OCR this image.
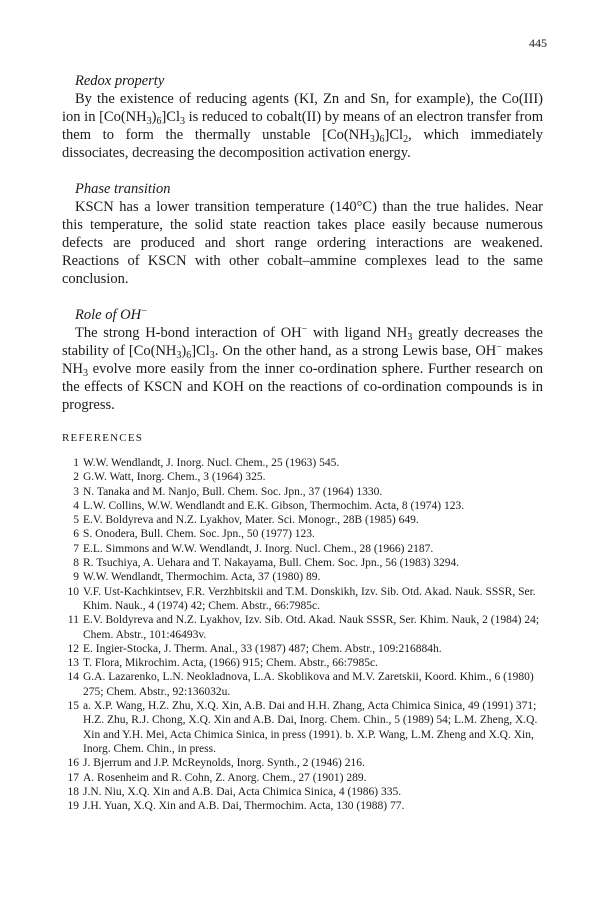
445
Redox property

By the existence of reducing agents (KI, Zn and Sn, for example), the Co(III) ion in $[Co(NH_3)_6]Cl_3$ is reduced to cobalt(II) by means of an electron transfer from them to form the thermally unstable $[Co(NH_3)_6]Cl_2$, which immediately dissociates, decreasing the decomposition activation energy.

Phase transition

KSCN has a lower transition temperature (140°C) than the true halides. Near this temperature, the solid state reaction takes place easily because numerous defects are produced and short range ordering interactions are weakened. Reactions of KSCN with other cobalt–ammine complexes lead to the same conclusion.

Role of OH−

The strong H-bond interaction of OH− with ligand $NH_3$ greatly decreases the stability of $[Co(NH_3)_6]Cl_3$. On the other hand, as a strong Lewis base, OH− makes $NH_3$ evolve more easily from the inner co-ordination sphere. Further research on the effects of KSCN and KOH on the reactions of co-ordination compounds is in progress.

REFERENCES
1 W.W. Wendlandt, J. Inorg. Nucl. Chem., 25 (1963) 545.
2 G.W. Watt, Inorg. Chem., 3 (1964) 325.
3 N. Tanaka and M. Nanjo, Bull. Chem. Soc. Jpn., 37 (1964) 1330.
4 L.W. Collins, W.W. Wendlandt and E.K. Gibson, Thermochim. Acta, 8 (1974) 123.
5 E.V. Boldyreva and N.Z. Lyakhov, Mater. Sci. Monogr., 28B (1985) 649.
6 S. Onodera, Bull. Chem. Soc. Jpn., 50 (1977) 123.
7 E.L. Simmons and W.W. Wendlandt, J. Inorg. Nucl. Chem., 28 (1966) 2187.
8 R. Tsuchiya, A. Uehara and T. Nakayama, Bull. Chem. Soc. Jpn., 56 (1983) 3294.
9 W.W. Wendlandt, Thermochim. Acta, 37 (1980) 89.
10 V.F. Ust-Kachkintsev, F.R. Verzhbitskii and T.M. Donskikh, Izv. Sib. Otd. Akad. Nauk. SSSR, Ser. Khim. Nauk., 4 (1974) 42; Chem. Abstr., 66:7985c.
11 E.V. Boldyreva and N.Z. Lyakhov, Izv. Sib. Otd. Akad. Nauk SSSR, Ser. Khim. Nauk, 2 (1984) 24; Chem. Abstr., 101:46493v.
12 E. Ingier-Stocka, J. Therm. Anal., 33 (1987) 487; Chem. Abstr., 109:216884h.
13 T. Flora, Mikrochim. Acta, (1966) 915; Chem. Abstr., 66:7985c.
14 G.A. Lazarenko, L.N. Neokladnova, L.A. Skoblikova and M.V. Zaretskii, Koord. Khim., 6 (1980) 275; Chem. Abstr., 92:136032u.
15 a. X.P. Wang, H.Z. Zhu, X.Q. Xin, A.B. Dai and H.H. Zhang, Acta Chimica Sinica, 49 (1991) 371; H.Z. Zhu, R.J. Chong, X.Q. Xin and A.B. Dai, Inorg. Chem. Chin., 5 (1989) 54; L.M. Zheng, X.Q. Xin and Y.H. Mei, Acta Chimica Sinica, in press (1991). b. X.P. Wang, L.M. Zheng and X.Q. Xin, Inorg. Chem. Chin., in press.
16 J. Bjerrum and J.P. McReynolds, Inorg. Synth., 2 (1946) 216.
17 A. Rosenheim and R. Cohn, Z. Anorg. Chem., 27 (1901) 289.
18 J.N. Niu, X.Q. Xin and A.B. Dai, Acta Chimica Sinica, 4 (1986) 335.
19 J.H. Yuan, X.Q. Xin and A.B. Dai, Thermochim. Acta, 130 (1988) 77.
